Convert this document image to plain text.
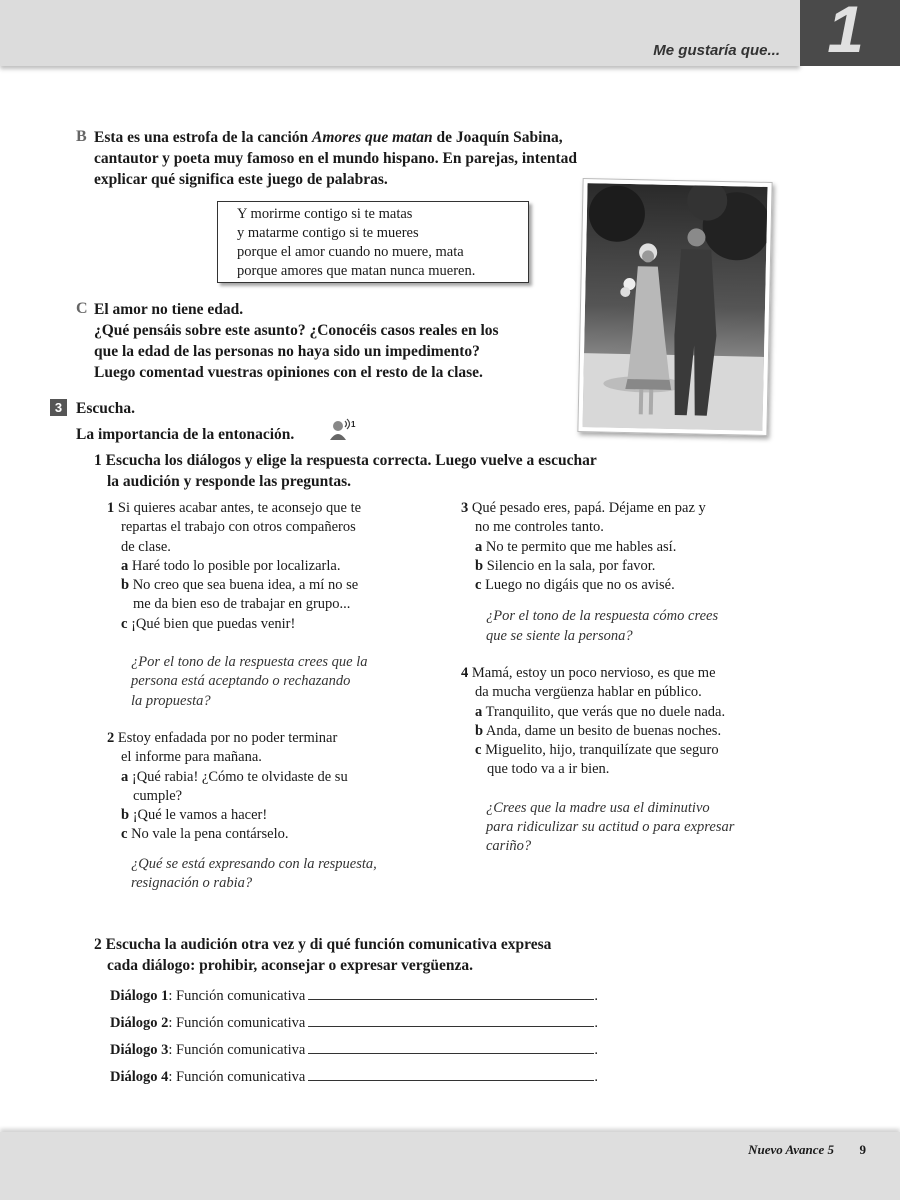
Me gustaría que... 1
B Esta es una estrofa de la canción Amores que matan de Joaquín Sabina,
cantautor y poeta muy famoso en el mundo hispano. En parejas, intentad
explicar qué significa este juego de palabras.
Y morirme contigo si te matas
y matarme contigo si te mueres
porque el amor cuando no muere, mata
porque amores que matan nunca mueren.
C El amor no tiene edad.
¿Qué pensáis sobre este asunto? ¿Conocéis casos reales en los
que la edad de las personas no haya sido un impedimento?
Luego comentad vuestras opiniones con el resto de la clase.
3 Escucha.
La importancia de la entonación.
1
1 Escucha los diálogos y elige la respuesta correcta. Luego vuelve a escuchar
la audición y responde las preguntas.

1 Si quieres acabar antes, te aconsejo que te

repartas el trabajo con otros compañeros

de clase.

a Haré todo lo posible por localizarla.

b No creo que sea buena idea, a mí no se

me da bien eso de trabajar en grupo...

c ¡Qué bien que puedas venir!

¿Por el tono de la respuesta crees que la

persona está aceptando o rechazando

la propuesta?

2 Estoy enfadada por no poder terminar

el informe para mañana.

a ¡Qué rabia! ¿Cómo te olvidaste de su

cumple?

b ¡Qué le vamos a hacer!

c No vale la pena contárselo.

¿Qué se está expresando con la respuesta,

resignación o rabia?

3 Qué pesado eres, papá. Déjame en paz y

no me controles tanto.

a No te permito que me hables así.

b Silencio en la sala, por favor.

c Luego no digáis que no os avisé.

¿Por el tono de la respuesta cómo crees

que se siente la persona?

4 Mamá, estoy un poco nervioso, es que me

da mucha vergüenza hablar en público.

a Tranquilito, que verás que no duele nada.

b Anda, dame un besito de buenas noches.

c Miguelito, hijo, tranquilízate que seguro

que todo va a ir bien.

¿Crees que la madre usa el diminutivo

para ridiculizar su actitud o para expresar

cariño?

2 Escucha la audición otra vez y di qué función comunicativa expresa
cada diálogo: prohibir, aconsejar o expresar vergüenza.
Diálogo 1: Función comunicativa	.
Diálogo 2: Función comunicativa	.
Diálogo 3: Función comunicativa	.
Diálogo 4: Función comunicativa	.
Nuevo Avance 5 9
